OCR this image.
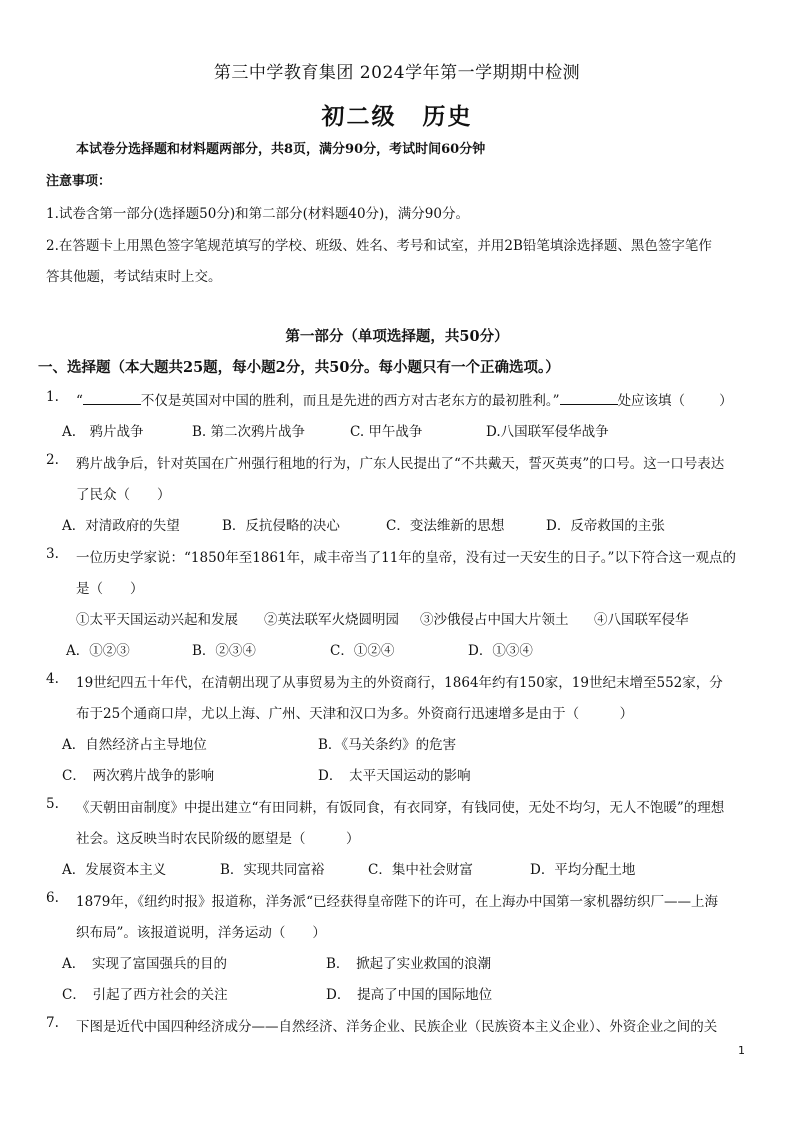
第三中学教育集团 2024学年第一学期期中检测
初二级 历史
本试卷分选择题和材料题两部分，共8页，满分90分，考试时间60分钟
注意事项：
1.试卷含第一部分(选择题50分)和第二部分(材料题40分)，满分90分。
2.在答题卡上用黑色签字笔规范填写的学校、班级、姓名、考号和试室，并用2B铅笔填涂选择题、黑色签字笔作
答其他题，考试结束时上交。
第一部分（单项选择题，共50分）
一、选择题（本大题共25题，每小题2分，共50分。每小题只有一个正确选项。）
1. “	不仅是英国对中国的胜利，而且是先进的西方对古老东方的最初胜利。”	处应该填（	）
A.　鸦片战争	B. 第二次鸦片战争	C. 甲午战争	D.八国联军侵华战争
2. 鸦片战争后，针对英国在广州强行租地的行为，广东人民提出了“不共戴天，誓灭英夷”的口号。这一口号表达
了民众（　　）
A．对清政府的失望	B．反抗侵略的决心	C．变法维新的思想	D．反帝救国的主张
3. 一位历史学家说：“1850年至1861年，咸丰帝当了11年的皇帝，没有过一天安生的日子。”以下符合这一观点的
是（　　）
①太平天国运动兴起和发展 ②英法联军火烧圆明园 ③沙俄侵占中国大片领土 ④八国联军侵华
A．①②③	B．②③④	C．①②④	D．①③④
4. 19世纪四五十年代，在清朝出现了从事贸易为主的外资商行，1864年约有150家，19世纪末增至552家，分
布于25个通商口岸，尤以上海、广州、天津和汉口为多。外资商行迅速增多是由于（　　　）
A．自然经济占主导地位	B．《马关条约》的危害
C．　两次鸦片战争的影响	D．　太平天国运动的影响
5. 《天朝田亩制度》中提出建立“有田同耕，有饭同食，有衣同穿，有钱同使，无处不均匀，无人不饱暖”的理想
社会。这反映当时农民阶级的愿望是（　　　）
A．发展资本主义	B．实现共同富裕	C．集中社会财富	D．平均分配土地
6. 1879年，《纽约时报》报道称，洋务派“已经获得皇帝陛下的许可，在上海办中国第一家机器纺织厂——上海
织布局”。该报道说明，洋务运动（　　）
A．　实现了富国强兵的目的	B．　掀起了实业救国的浪潮
C．　引起了西方社会的关注	D．　提高了中国的国际地位
7. 下图是近代中国四种经济成分——自然经济、洋务企业、民族企业（民族资本主义企业）、外资企业之间的关
1
